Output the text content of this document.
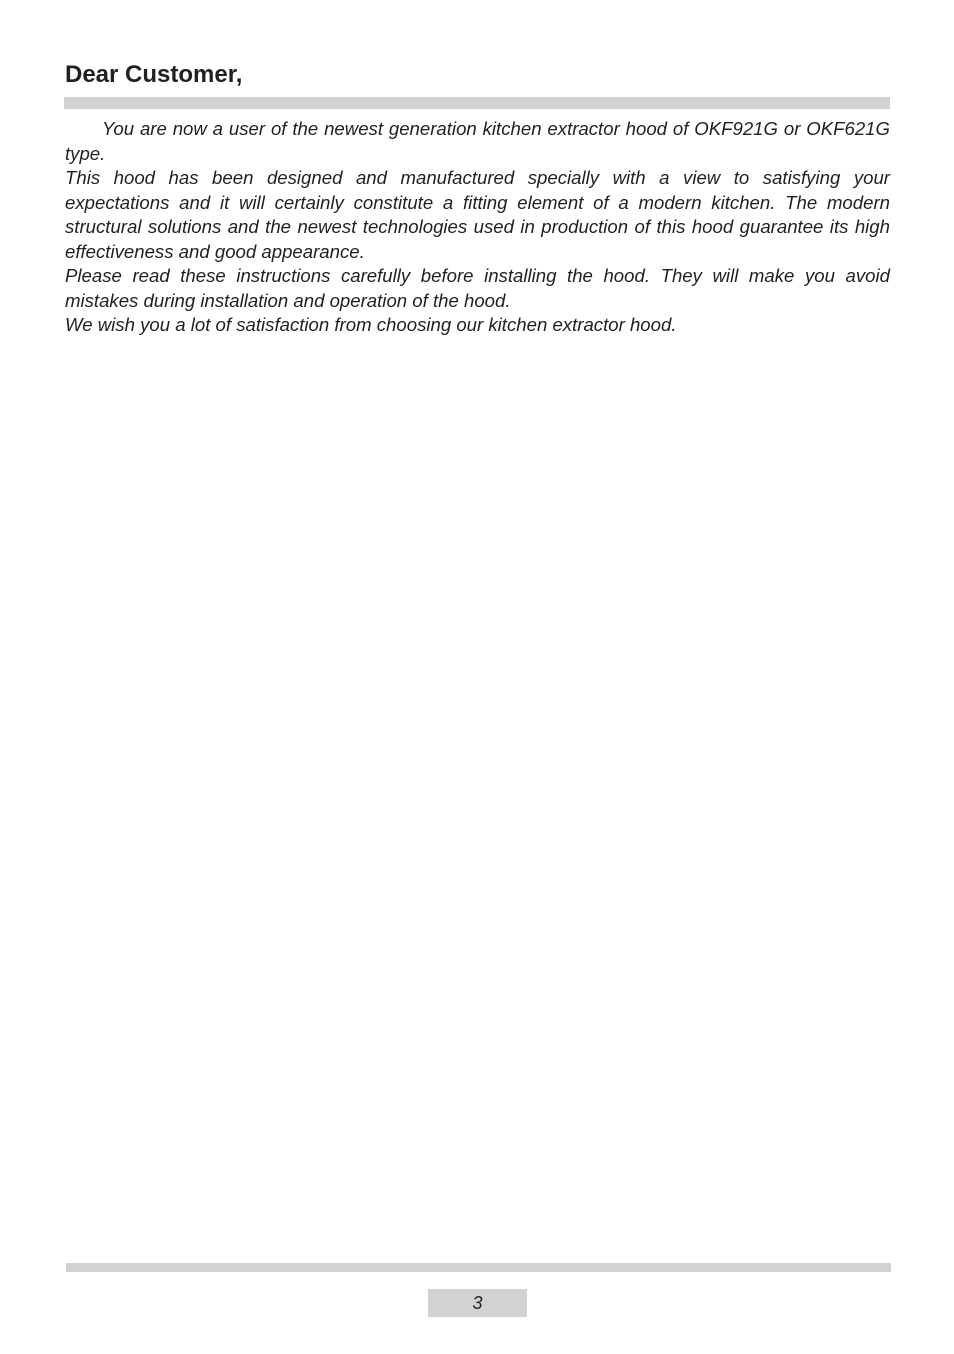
Dear Customer,

You are now a user of the newest generation kitchen extractor hood of OKF921G or OKF621G type.

This hood has been designed and manufactured specially with a view to satisfying your expectations and it will certainly constitute a fitting element of a modern kitchen. The modern structural solutions and the newest technologies used in production of this hood guarantee its high effectiveness and good appearance.

Please read these instructions carefully before installing the hood. They will make you avoid mistakes during installation and operation of the hood.

We wish you a lot of satisfaction from choosing our kitchen extractor hood.

3
